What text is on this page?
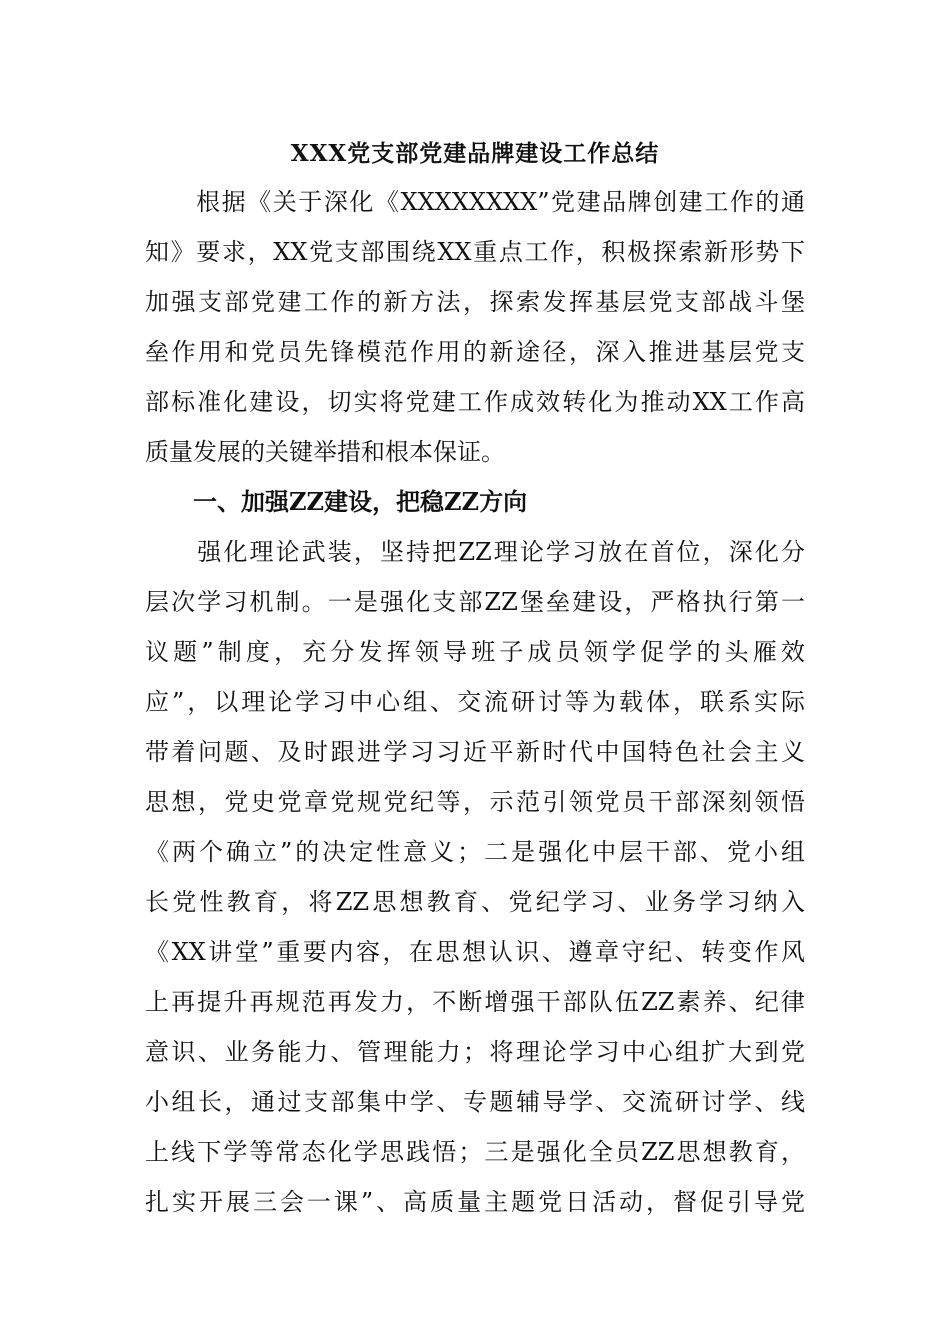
XXX党支部党建品牌建设工作总结
　　根据《关于深化《XXXXXXXX”党建品牌创建工作的通
知》要求，XX党支部围绕XX重点工作，积极探索新形势下
加强支部党建工作的新方法，探索发挥基层党支部战斗堡
垒作用和党员先锋模范作用的新途径，深入推进基层党支
部标准化建设，切实将党建工作成效转化为推动XX工作高
质量发展的关键举措和根本保证。
　　一、加强ZZ建设，把稳ZZ方向
　　强化理论武装，坚持把ZZ理论学习放在首位，深化分
层次学习机制。一是强化支部ZZ堡垒建设，严格执行第一
议题”制度，充分发挥领导班子成员领学促学的头雁效
应”，以理论学习中心组、交流研讨等为载体，联系实际
带着问题、及时跟进学习习近平新时代中国特色社会主义
思想，党史党章党规党纪等，示范引领党员干部深刻领悟
《两个确立”的决定性意义；二是强化中层干部、党小组
长党性教育，将ZZ思想教育、党纪学习、业务学习纳入
《XX讲堂”重要内容，在思想认识、遵章守纪、转变作风
上再提升再规范再发力，不断增强干部队伍ZZ素养、纪律
意识、业务能力、管理能力；将理论学习中心组扩大到党
小组长，通过支部集中学、专题辅导学、交流研讨学、线
上线下学等常态化学思践悟；三是强化全员ZZ思想教育，
扎实开展三会一课”、高质量主题党日活动，督促引导党
